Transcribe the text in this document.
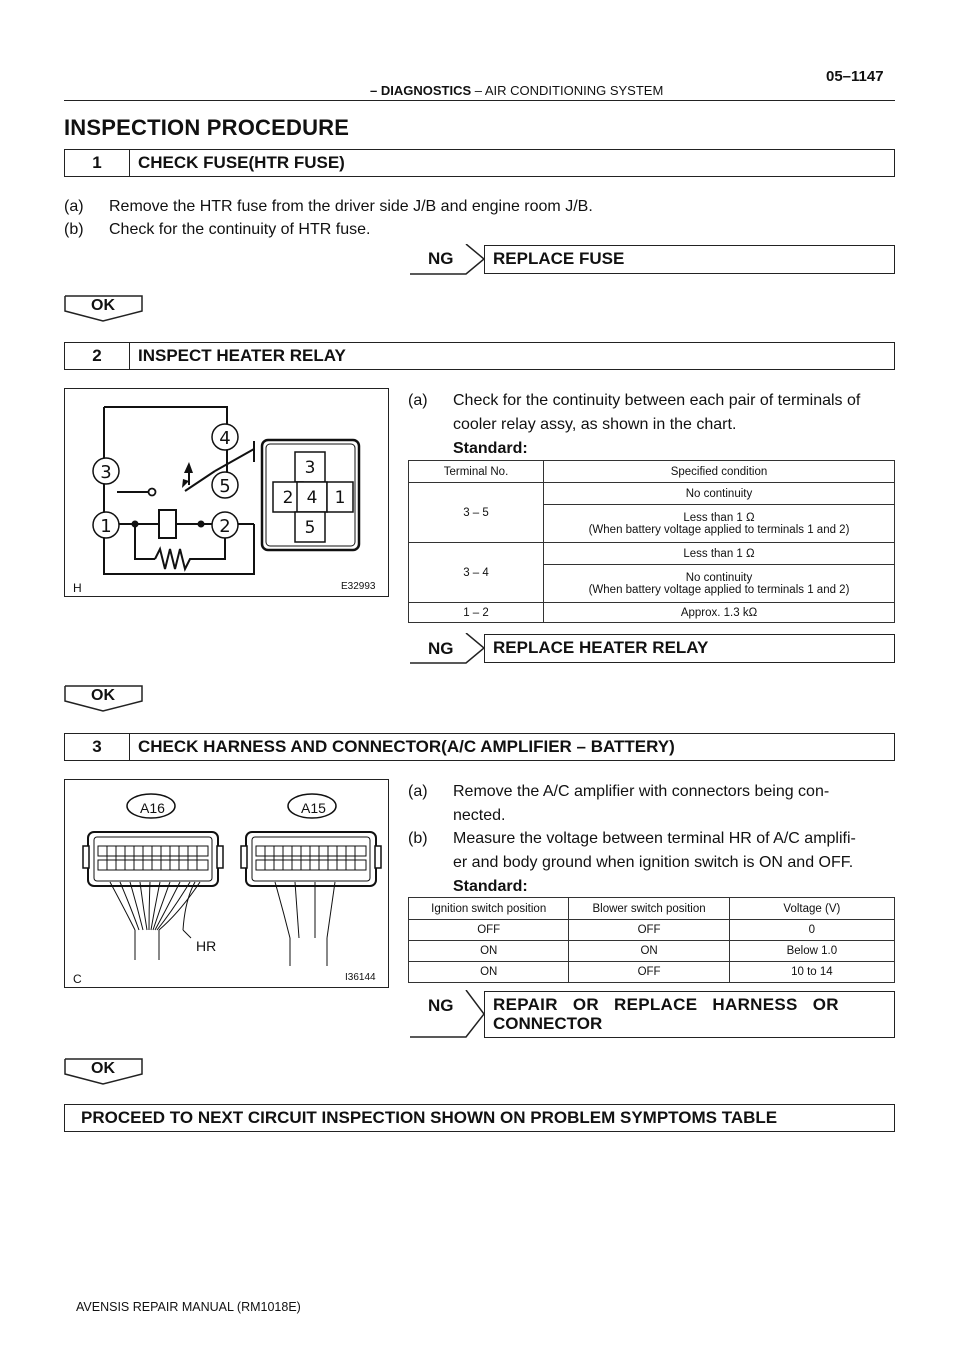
05–1147
– DIAGNOSTICS – AIR CONDITIONING SYSTEM
INSPECTION PROCEDURE
1	CHECK FUSE(HTR FUSE)
(a) Remove the HTR fuse from the driver side J/B and engine room J/B.
(b) Check for the continuity of HTR fuse.
NG	REPLACE FUSE
OK
2	INSPECT HEATER RELAY
4
3
5
1	2
3
2 4 1
5
H	E32993
(a) Check for the continuity between each pair of terminals of
cooler relay assy, as shown in the chart.
Standard:
Terminal No.	Specified condition
3 – 5	No continuity

	Less than 1 Ω
(When battery voltage applied to terminals 1 and 2)

3 – 4	Less than 1 Ω

	No continuity
(When battery voltage applied to terminals 1 and 2)

1 – 2	Approx. 1.3 kΩ
NG	REPLACE HEATER RELAY
OK
3	CHECK HARNESS AND CONNECTOR(A/C AMPLIFIER – BATTERY)
A16	A15
HR
C	I36144
(a) Remove the A/C amplifier with connectors being con-
nected.
(b) Measure the voltage between terminal HR of A/C amplifi-
er and body ground when ignition switch is ON and OFF.
Standard:
Ignition switch position	Blower switch position	Voltage (V)
OFF	OFF	0
ON	ON	Below 1.0
ON	OFF	10 to 14
NG REPAIR   OR   REPLACE   HARNESS   OR
CONNECTOR
OK
PROCEED TO NEXT CIRCUIT INSPECTION SHOWN ON PROBLEM SYMPTOMS TABLE
AVENSIS REPAIR MANUAL (RM1018E)
